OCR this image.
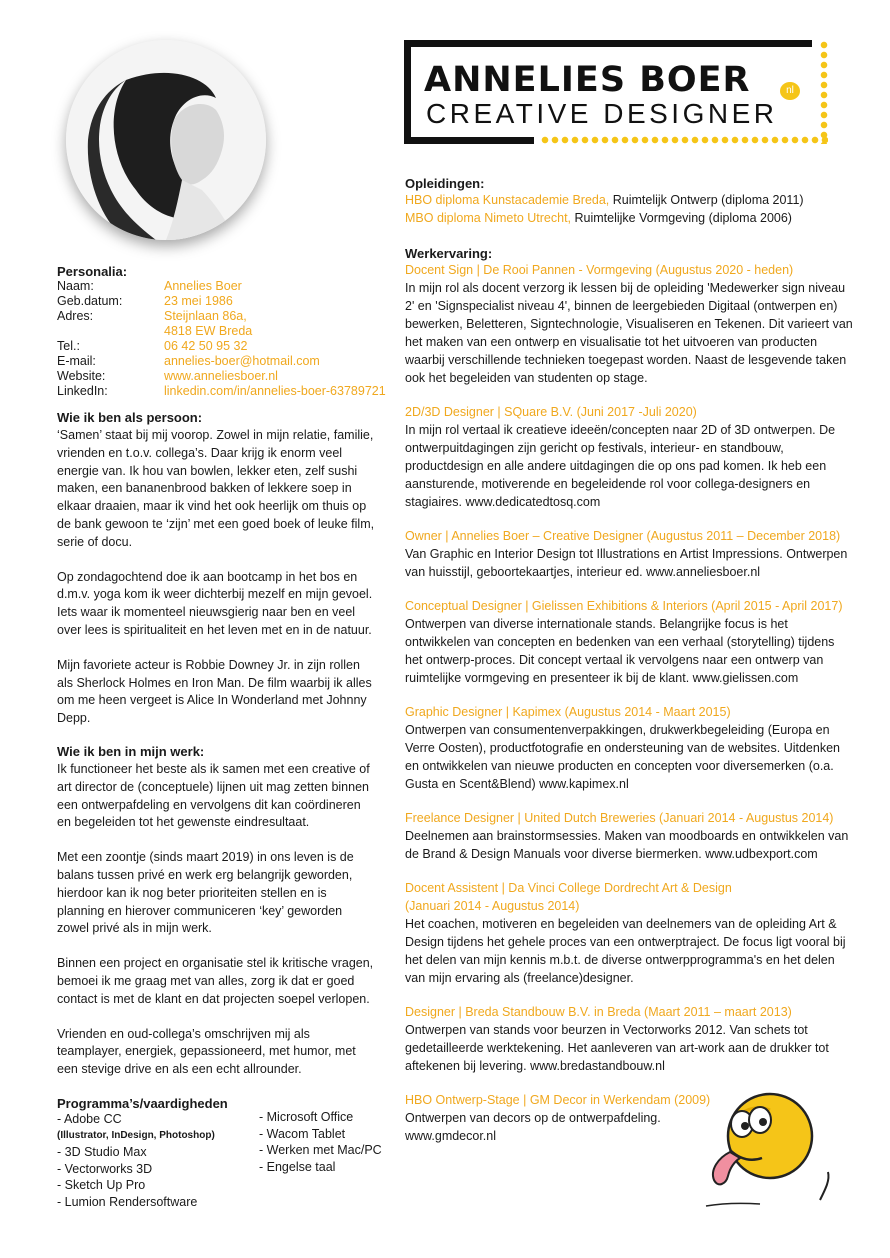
ANNELIES BOER	nl
CREATIVE DESIGNER
Personalia:
Naam:	Annelies Boer
Geb.datum:	23 mei 1986
Adres:	Steijnlaan 86a,
4818 EW Breda
Tel.:	06 42 50 95 32
E-mail:	annelies-boer@hotmail.com
Website:	www.anneliesboer.nl
LinkedIn:	linkedin.com/in/annelies-boer-63789721
Wie ik ben als persoon:
‘Samen’ staat bij mij voorop. Zowel in mijn relatie, familie, vrienden en t.o.v. collega’s. Daar krijg ik enorm veel energie van. Ik hou van bowlen, lekker eten, zelf sushi maken, een bananenbrood bakken of lekkere soep in elkaar draaien, maar ik vind het ook heerlijk om thuis op de bank gewoon te ‘zijn’ met een goed boek of leuke film, serie of docu.
Op zondagochtend doe ik aan bootcamp in het bos en d.m.v. yoga kom ik weer dichterbij mezelf en mijn gevoel. Iets waar ik momenteel nieuwsgierig naar ben en veel over lees is spiritualiteit en het leven met en in de natuur.
Mijn favoriete acteur is Robbie Downey Jr. in zijn rollen als Sherlock Holmes en Iron Man. De film waarbij ik alles om me heen vergeet is Alice In Wonderland met Johnny Depp.
Wie ik ben in mijn werk:
Ik functioneer het beste als ik samen met een creative of art director de (conceptuele) lijnen uit mag zetten binnen een ontwerpafdeling en vervolgens dit kan coördineren en begeleiden tot het gewenste eindresultaat.
Met een zoontje (sinds maart 2019) in ons leven is de balans tussen privé en werk erg belangrijk geworden, hierdoor kan ik nog beter prioriteiten stellen en is planning en hierover communiceren ‘key’ geworden zowel privé als in mijn werk.
Binnen een project en organisatie stel ik kritische vragen, bemoei ik me graag met van alles, zorg ik dat er goed contact is met de klant en dat projecten soepel verlopen.
Vrienden en oud-collega’s omschrijven mij als teamplayer, energiek, gepassioneerd, met humor, met een stevige drive en als een echt allrounder.
Programma’s/vaardigheden
- Adobe CC
(Illustrator, InDesign, Photoshop)
- 3D Studio Max
- Vectorworks 3D
- Sketch Up Pro
- Lumion Rendersoftware
- Microsoft Office
- Wacom Tablet
- Werken met Mac/PC
- Engelse taal
Opleidingen:
HBO diploma Kunstacademie Breda, Ruimtelijk Ontwerp (diploma 2011)
MBO diploma Nimeto Utrecht, Ruimtelijke Vormgeving (diploma 2006)
Werkervaring:
Docent Sign | De Rooi Pannen - Vormgeving (Augustus 2020 - heden)
In mijn rol als docent verzorg ik lessen bij de opleiding 'Medewerker sign niveau 2' en 'Signspecialist niveau 4', binnen de leergebieden Digitaal (ontwerpen en) bewerken, Beletteren, Signtechnologie, Visualiseren en Tekenen. Dit varieert van het maken van een ontwerp en visualisatie tot het uitvoeren van producten waarbij verschillende technieken toegepast worden. Naast de lesgevende taken ook het begeleiden van studenten op stage.
2D/3D Designer | SQuare B.V. (Juni 2017 -Juli 2020)
In mijn rol vertaal ik creatieve ideeën/concepten naar 2D of 3D ontwerpen. De ontwerpuitdagingen zijn gericht op festivals, interieur- en standbouw, productdesign en alle andere uitdagingen die op ons pad komen. Ik heb een aansturende, motiverende en begeleidende rol voor collega-designers en stagiaires. www.dedicatedtosq.com
Owner | Annelies Boer – Creative Designer (Augustus 2011 – December 2018)
Van Graphic en Interior Design tot Illustrations en Artist Impressions. Ontwerpen van huisstijl, geboortekaartjes, interieur ed. www.anneliesboer.nl
Conceptual Designer | Gielissen Exhibitions & Interiors (April 2015 - April 2017)
Ontwerpen van diverse internationale stands. Belangrijke focus is het ontwikkelen van concepten en bedenken van een verhaal (storytelling) tijdens het ontwerp-proces. Dit concept vertaal ik vervolgens naar een ontwerp van ruimtelijke vormgeving en presenteer ik bij de klant. www.gielissen.com
Graphic Designer | Kapimex (Augustus 2014 - Maart 2015)
Ontwerpen van consumentenverpakkingen, drukwerkbegeleiding (Europa en Verre Oosten), productfotografie en ondersteuning van de websites. Uitdenken en ontwikkelen van nieuwe producten en concepten voor diversemerken (o.a. Gusta en Scent&Blend) www.kapimex.nl
Freelance Designer | United Dutch Breweries (Januari 2014 - Augustus 2014)
Deelnemen aan brainstormsessies. Maken van moodboards en ontwikkelen van de Brand & Design Manuals voor diverse biermerken. www.udbexport.com
Docent Assistent | Da Vinci College Dordrecht Art & Design
(Januari 2014 - Augustus 2014)
Het coachen, motiveren en begeleiden van deelnemers van de opleiding Art & Design tijdens het gehele proces van een ontwerptraject. De focus ligt vooral bij het delen van mijn kennis m.b.t. de diverse ontwerpprogramma's en het delen van mijn ervaring als (freelance)designer.
Designer | Breda Standbouw B.V. in Breda (Maart 2011 – maart 2013)
Ontwerpen van stands voor beurzen in Vectorworks 2012. Van schets tot gedetailleerde werktekening. Het aanleveren van art-work aan de drukker tot aftekenen bij levering. www.bredastandbouw.nl
HBO Ontwerp-Stage | GM Decor in Werkendam (2009)
Ontwerpen van decors op de ontwerpafdeling. www.gmdecor.nl
